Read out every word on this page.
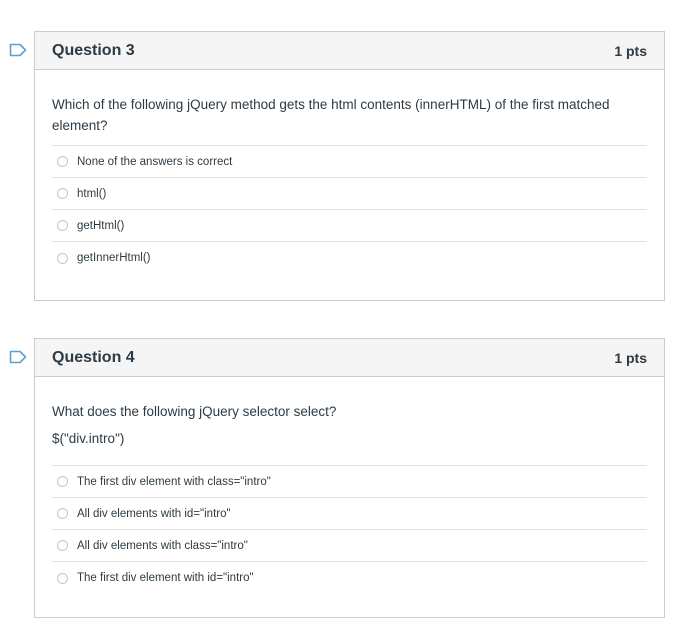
Question 3	1 pts
Which of the following jQuery method gets the html contents (innerHTML) of the first matched element?
None of the answers is correct
html()
getHtml()
getInnerHtml()
Question 4	1 pts
What does the following jQuery selector select?
$("div.intro")
The first div element with class="intro"
All div elements with id="intro"
All div elements with class="intro"
The first div element with id="intro"
